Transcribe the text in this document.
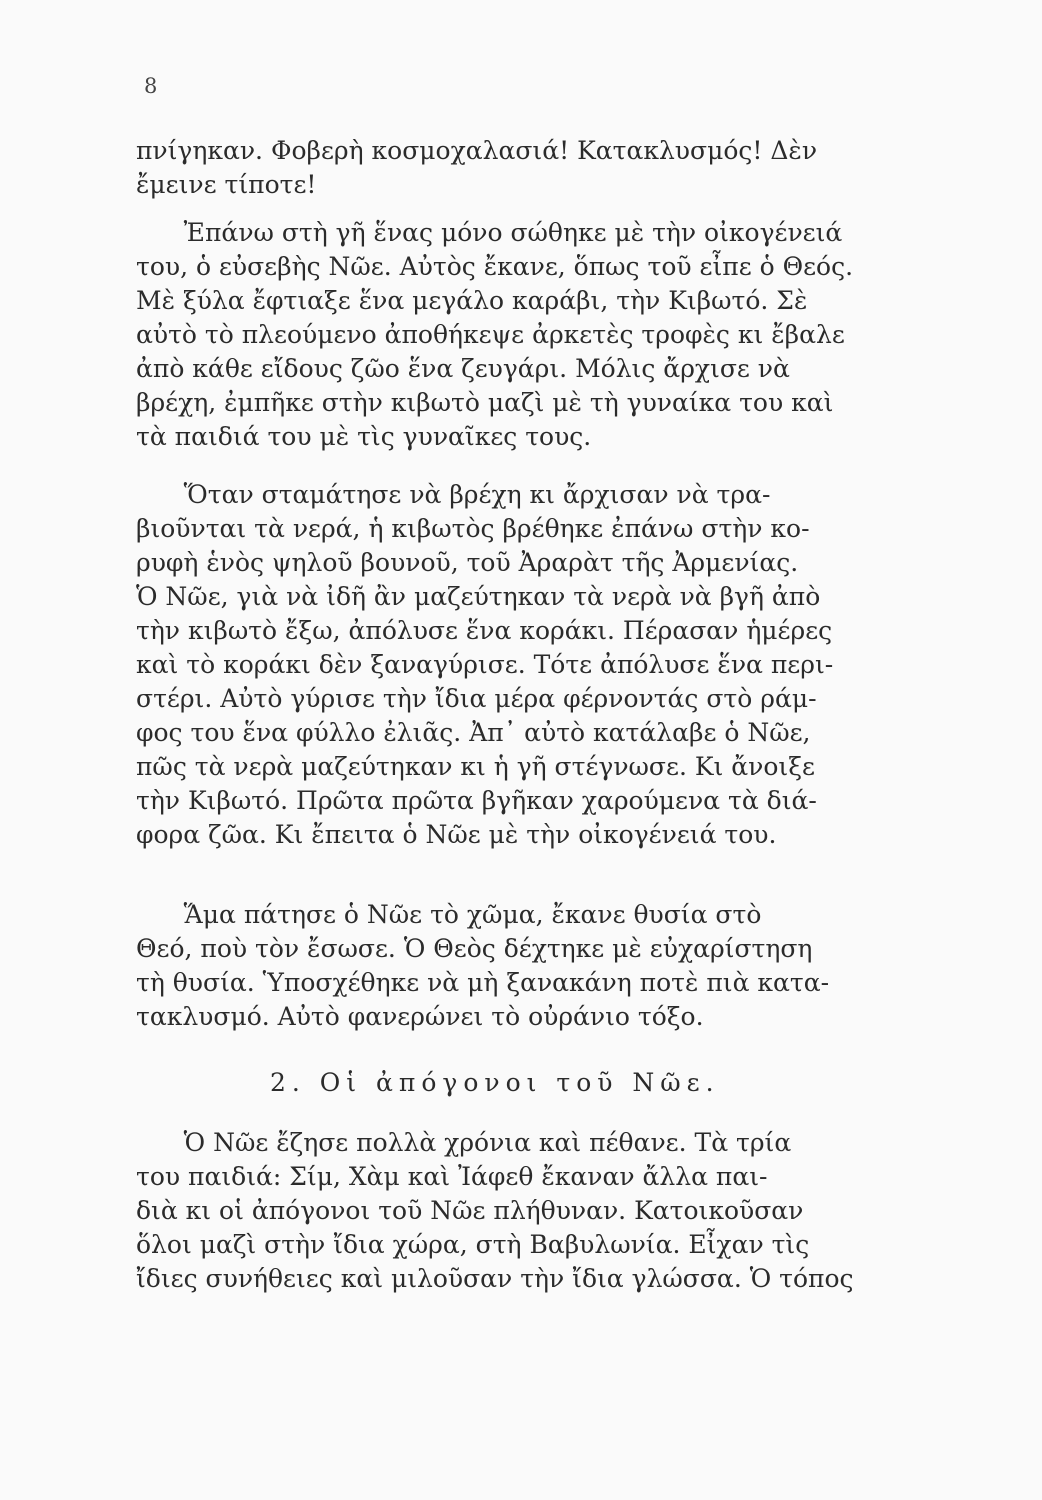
8
πνίγηκαν. Φοβερὴ κοσμοχαλασιά! Κατακλυσμός! Δὲν
ἔμεινε τίποτε!
Ἐπάνω στὴ γῆ ἕνας μόνο σώθηκε μὲ τὴν οἰκογένειά
του, ὁ εὐσεβὴς Νῶε. Αὐτὸς ἔκανε, ὅπως τοῦ εἶπε ὁ Θεός.
Μὲ ξύλα ἔφτιαξε ἕνα μεγάλο καράβι, τὴν Κιβωτό. Σὲ
αὐτὸ τὸ πλεούμενο ἀποθήκεψε ἀρκετὲς τροφὲς κι ἔβαλε
ἀπὸ κάθε εἴδους ζῶο ἕνα ζευγάρι. Μόλις ἄρχισε νὰ
βρέχη, ἐμπῆκε στὴν κιβωτὸ μαζὶ μὲ τὴ γυναίκα του καὶ
τὰ παιδιά του μὲ τὶς γυναῖκες τους.
Ὅταν σταμάτησε νὰ βρέχη κι ἄρχισαν νὰ τρα-
βιοῦνται τὰ νερά, ἡ κιβωτὸς βρέθηκε ἐπάνω στὴν κο-
ρυφὴ ἑνὸς ψηλοῦ βουνοῦ, τοῦ Ἀραρὰτ τῆς Ἀρμενίας.
Ὁ Νῶε, γιὰ νὰ ἰδῆ ἂν μαζεύτηκαν τὰ νερὰ νὰ βγῆ ἀπὸ
τὴν κιβωτὸ ἔξω, ἀπόλυσε ἕνα κοράκι. Πέρασαν ἡμέρες
καὶ τὸ κοράκι δὲν ξαναγύρισε. Τότε ἀπόλυσε ἕνα περι-
στέρι. Αὐτὸ γύρισε τὴν ἴδια μέρα φέρνοντάς στὸ ράμ-
φος του ἕνα φύλλο ἐλιᾶς. Ἀπ᾿ αὐτὸ κατάλαβε ὁ Νῶε,
πῶς τὰ νερὰ μαζεύτηκαν κι ἡ γῆ στέγνωσε. Κι ἄνοιξε
τὴν Κιβωτό. Πρῶτα πρῶτα βγῆκαν χαρούμενα τὰ διά-
φορα ζῶα. Κι ἔπειτα ὁ Νῶε μὲ τὴν οἰκογένειά του.
Ἅμα πάτησε ὁ Νῶε τὸ χῶμα, ἔκανε θυσία στὸ
Θεό, ποὺ τὸν ἔσωσε. Ὁ Θεὸς δέχτηκε μὲ εὐχαρίστηση
τὴ θυσία. Ὑποσχέθηκε νὰ μὴ ξανακάνη ποτὲ πιὰ κατα-
τακλυσμό. Αὐτὸ φανερώνει τὸ οὐράνιο τόξο.
2. Οἱ ἀπόγονοι τοῦ Νῶε.
Ὁ Νῶε ἔζησε πολλὰ χρόνια καὶ πέθανε. Τὰ τρία
του παιδιά: Σίμ, Χὰμ καὶ Ἰάφεθ ἔκαναν ἄλλα παι-
διὰ κι οἱ ἀπόγονοι τοῦ Νῶε πλήθυναν. Κατοικοῦσαν
ὅλοι μαζὶ στὴν ἴδια χώρα, στὴ Βαβυλωνία. Εἶχαν τὶς
ἴδιες συνήθειες καὶ μιλοῦσαν τὴν ἴδια γλώσσα. Ὁ τόπος
